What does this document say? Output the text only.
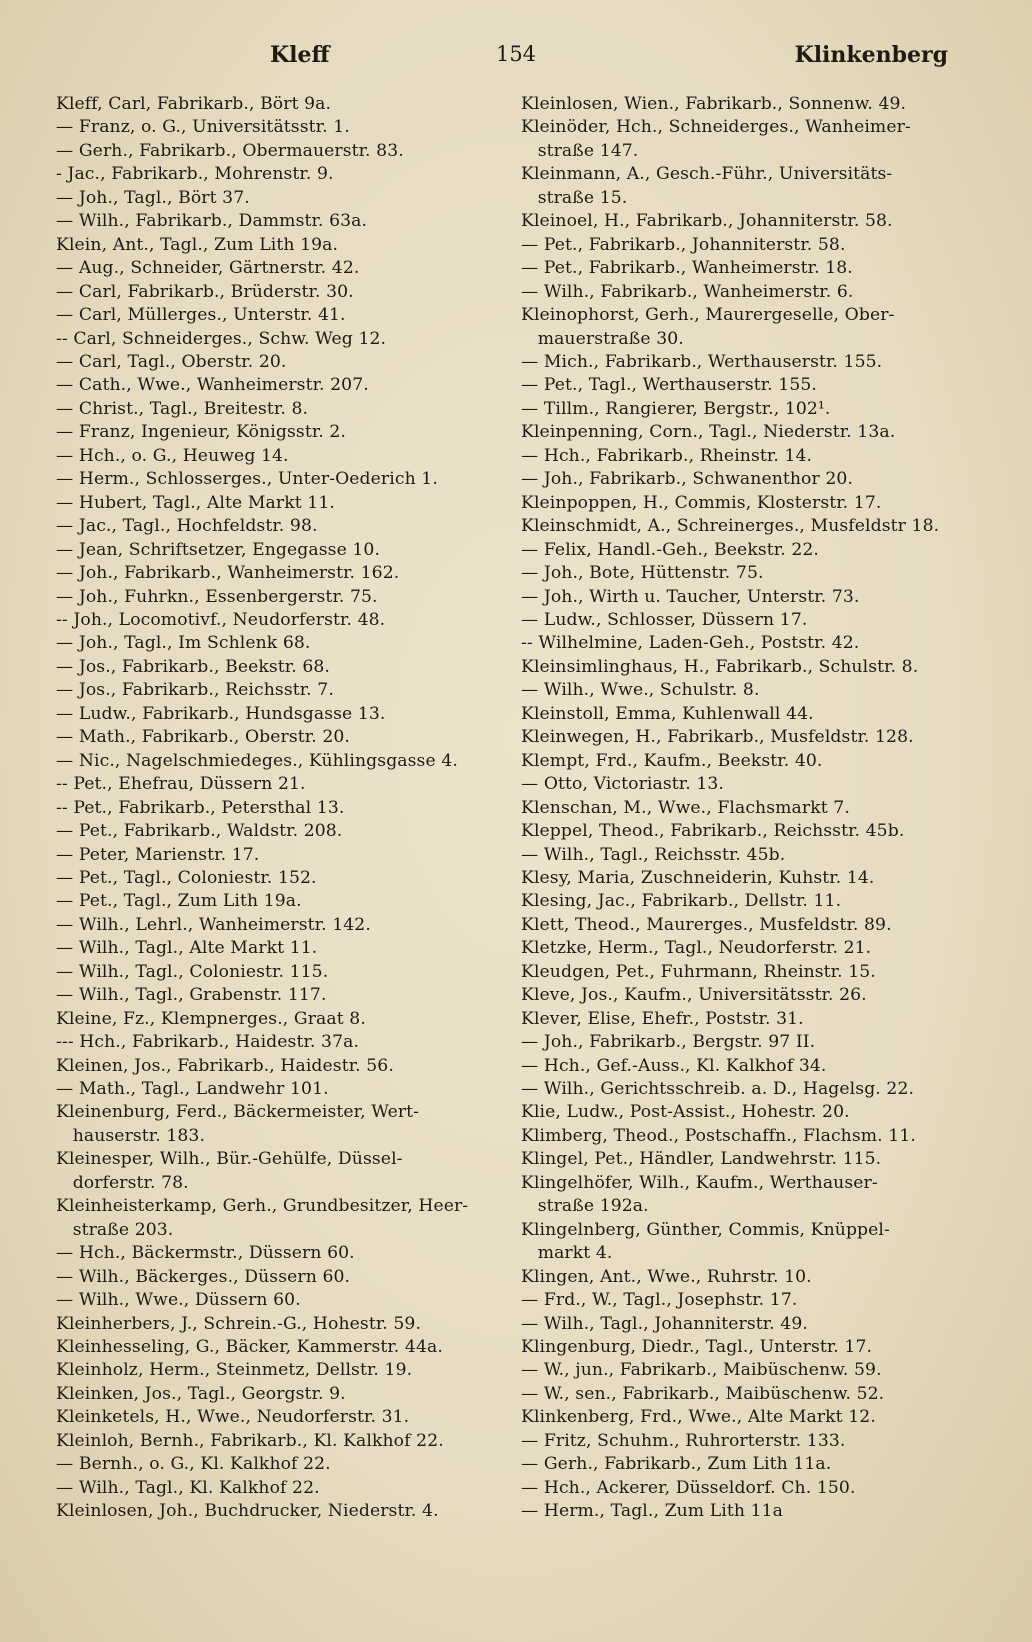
Kleff	154	Klinkenberg
Kleff, Carl, Fabrikarb., Bört 9a.
— Franz, o. G., Universitätsstr. 1.
— Gerh., Fabrikarb., Obermauerstr. 83.
- Jac., Fabrikarb., Mohrenstr. 9.
— Joh., Tagl., Bört 37.
— Wilh., Fabrikarb., Dammstr. 63a.
Klein, Ant., Tagl., Zum Lith 19a.
— Aug., Schneider, Gärtnerstr. 42.
— Carl, Fabrikarb., Brüderstr. 30.
— Carl, Müllerges., Unterstr. 41.
-- Carl, Schneiderges., Schw. Weg 12.
— Carl, Tagl., Oberstr. 20.
— Cath., Wwe., Wanheimerstr. 207.
— Christ., Tagl., Breitestr. 8.
— Franz, Ingenieur, Königsstr. 2.
— Hch., o. G., Heuweg 14.
— Herm., Schlosserges., Unter-Oederich 1.
— Hubert, Tagl., Alte Markt 11.
— Jac., Tagl., Hochfeldstr. 98.
— Jean, Schriftsetzer, Engegasse 10.
— Joh., Fabrikarb., Wanheimerstr. 162.
— Joh., Fuhrkn., Essenbergerstr. 75.
-- Joh., Locomotivf., Neudorferstr. 48.
— Joh., Tagl., Im Schlenk 68.
— Jos., Fabrikarb., Beekstr. 68.
— Jos., Fabrikarb., Reichsstr. 7.
— Ludw., Fabrikarb., Hundsgasse 13.
— Math., Fabrikarb., Oberstr. 20.
— Nic., Nagelschmiedeges., Kühlingsgasse 4.
-- Pet., Ehefrau, Düssern 21.
-- Pet., Fabrikarb., Petersthal 13.
— Pet., Fabrikarb., Waldstr. 208.
— Peter, Marienstr. 17.
— Pet., Tagl., Coloniestr. 152.
— Pet., Tagl., Zum Lith 19a.
— Wilh., Lehrl., Wanheimerstr. 142.
— Wilh., Tagl., Alte Markt 11.
— Wilh., Tagl., Coloniestr. 115.
— Wilh., Tagl., Grabenstr. 117.
Kleine, Fz., Klempnerges., Graat 8.
--- Hch., Fabrikarb., Haidestr. 37a.
Kleinen, Jos., Fabrikarb., Haidestr. 56.
— Math., Tagl., Landwehr 101.
Kleinenburg, Ferd., Bäckermeister, Wert-
hauserstr. 183.
Kleinesper, Wilh., Bür.-Gehülfe, Düssel-
dorferstr. 78.
Kleinheisterkamp, Gerh., Grundbesitzer, Heer-
straße 203.
— Hch., Bäckermstr., Düssern 60.
— Wilh., Bäckerges., Düssern 60.
— Wilh., Wwe., Düssern 60.
Kleinherbers, J., Schrein.-G., Hohestr. 59.
Kleinhesseling, G., Bäcker, Kammerstr. 44a.
Kleinholz, Herm., Steinmetz, Dellstr. 19.
Kleinken, Jos., Tagl., Georgstr. 9.
Kleinketels, H., Wwe., Neudorferstr. 31.
Kleinloh, Bernh., Fabrikarb., Kl. Kalkhof 22.
— Bernh., o. G., Kl. Kalkhof 22.
— Wilh., Tagl., Kl. Kalkhof 22.
Kleinlosen, Joh., Buchdrucker, Niederstr. 4.
Kleinlosen, Wien., Fabrikarb., Sonnenw. 49.
Kleinöder, Hch., Schneiderges., Wanheimer-
straße 147.
Kleinmann, A., Gesch.-Führ., Universitäts-
straße 15.
Kleinoel, H., Fabrikarb., Johanniterstr. 58.
— Pet., Fabrikarb., Johanniterstr. 58.
— Pet., Fabrikarb., Wanheimerstr. 18.
— Wilh., Fabrikarb., Wanheimerstr. 6.
Kleinophorst, Gerh., Maurergeselle, Ober-
mauerstraße 30.
— Mich., Fabrikarb., Werthauserstr. 155.
— Pet., Tagl., Werthauserstr. 155.
— Tillm., Rangierer, Bergstr., 102¹.
Kleinpenning, Corn., Tagl., Niederstr. 13a.
— Hch., Fabrikarb., Rheinstr. 14.
— Joh., Fabrikarb., Schwanenthor 20.
Kleinpoppen, H., Commis, Klosterstr. 17.
Kleinschmidt, A., Schreinerges., Musfeldstr 18.
— Felix, Handl.-Geh., Beekstr. 22.
— Joh., Bote, Hüttenstr. 75.
— Joh., Wirth u. Taucher, Unterstr. 73.
— Ludw., Schlosser, Düssern 17.
-- Wilhelmine, Laden-Geh., Poststr. 42.
Kleinsimlinghaus, H., Fabrikarb., Schulstr. 8.
— Wilh., Wwe., Schulstr. 8.
Kleinstoll, Emma, Kuhlenwall 44.
Kleinwegen, H., Fabrikarb., Musfeldstr. 128.
Klempt, Frd., Kaufm., Beekstr. 40.
— Otto, Victoriastr. 13.
Klenschan, M., Wwe., Flachsmarkt 7.
Kleppel, Theod., Fabrikarb., Reichsstr. 45b.
— Wilh., Tagl., Reichsstr. 45b.
Klesy, Maria, Zuschneiderin, Kuhstr. 14.
Klesing, Jac., Fabrikarb., Dellstr. 11.
Klett, Theod., Maurerges., Musfeldstr. 89.
Kletzke, Herm., Tagl., Neudorferstr. 21.
Kleudgen, Pet., Fuhrmann, Rheinstr. 15.
Kleve, Jos., Kaufm., Universitätsstr. 26.
Klever, Elise, Ehefr., Poststr. 31.
— Joh., Fabrikarb., Bergstr. 97 II.
— Hch., Gef.-Auss., Kl. Kalkhof 34.
— Wilh., Gerichtsschreib. a. D., Hagelsg. 22.
Klie, Ludw., Post-Assist., Hohestr. 20.
Klimberg, Theod., Postschaffn., Flachsm. 11.
Klingel, Pet., Händler, Landwehrstr. 115.
Klingelhöfer, Wilh., Kaufm., Werthauser-
straße 192a.
Klingelnberg, Günther, Commis, Knüppel-
markt 4.
Klingen, Ant., Wwe., Ruhrstr. 10.
— Frd., W., Tagl., Josephstr. 17.
— Wilh., Tagl., Johanniterstr. 49.
Klingenburg, Diedr., Tagl., Unterstr. 17.
— W., jun., Fabrikarb., Maibüschenw. 59.
— W., sen., Fabrikarb., Maibüschenw. 52.
Klinkenberg, Frd., Wwe., Alte Markt 12.
— Fritz, Schuhm., Ruhrorterstr. 133.
— Gerh., Fabrikarb., Zum Lith 11a.
— Hch., Ackerer, Düsseldorf. Ch. 150.
— Herm., Tagl., Zum Lith 11a
